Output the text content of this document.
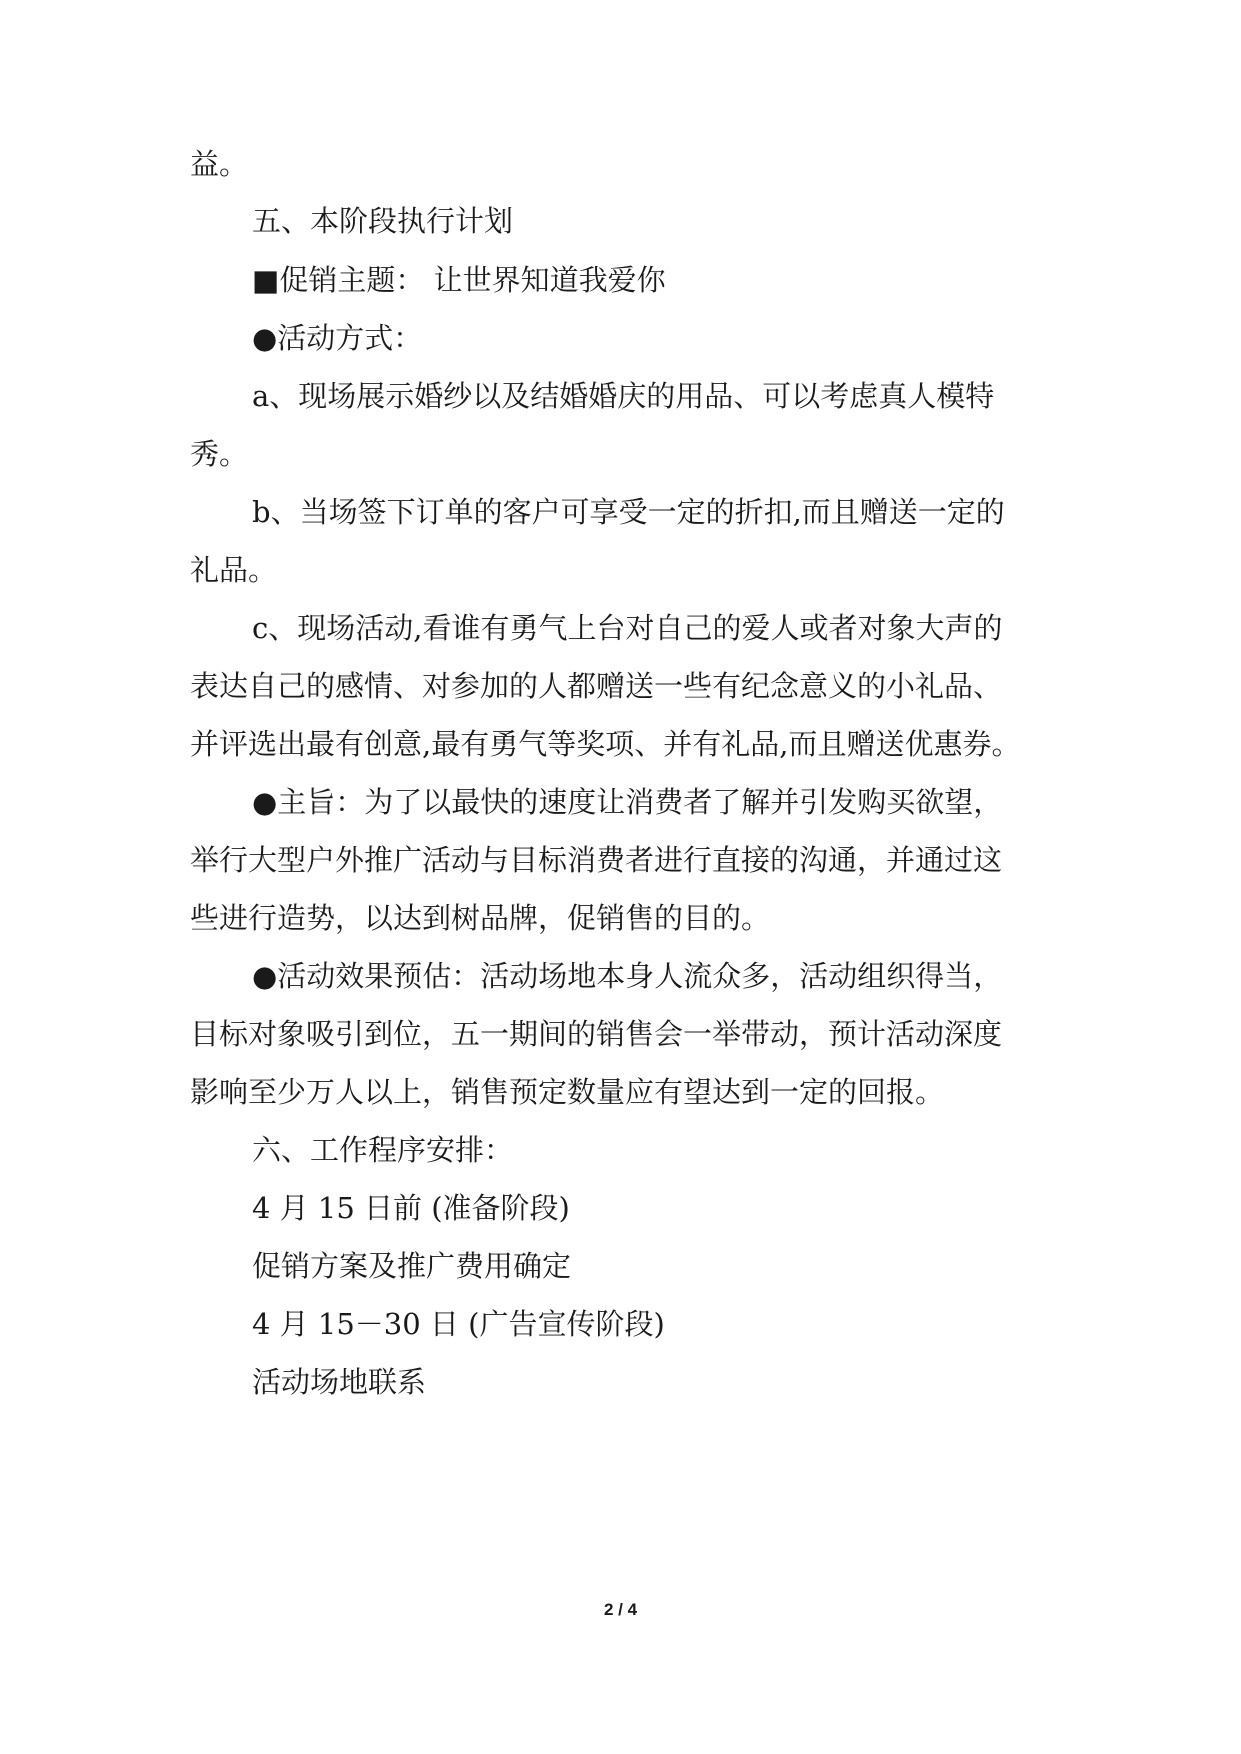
益。
五、本阶段执行计划
■促销主题： 让世界知道我爱你
●活动方式：
a、现场展示婚纱以及结婚婚庆的用品、可以考虑真人模特
秀。
b、当场签下订单的客户可享受一定的折扣,而且赠送一定的
礼品。
c、现场活动,看谁有勇气上台对自己的爱人或者对象大声的
表达自己的感情、对参加的人都赠送一些有纪念意义的小礼品、
并评选出最有创意,最有勇气等奖项、并有礼品,而且赠送优惠券。
●主旨：为了以最快的速度让消费者了解并引发购买欲望，
举行大型户外推广活动与目标消费者进行直接的沟通，并通过这
些进行造势，以达到树品牌，促销售的目的。
●活动效果预估：活动场地本身人流众多，活动组织得当，
目标对象吸引到位，五一期间的销售会一举带动，预计活动深度
影响至少万人以上，销售预定数量应有望达到一定的回报。
六、工作程序安排：
4 月 15 日前 (准备阶段)
促销方案及推广费用确定
4 月 15－30 日 (广告宣传阶段)
活动场地联系
2 / 4
